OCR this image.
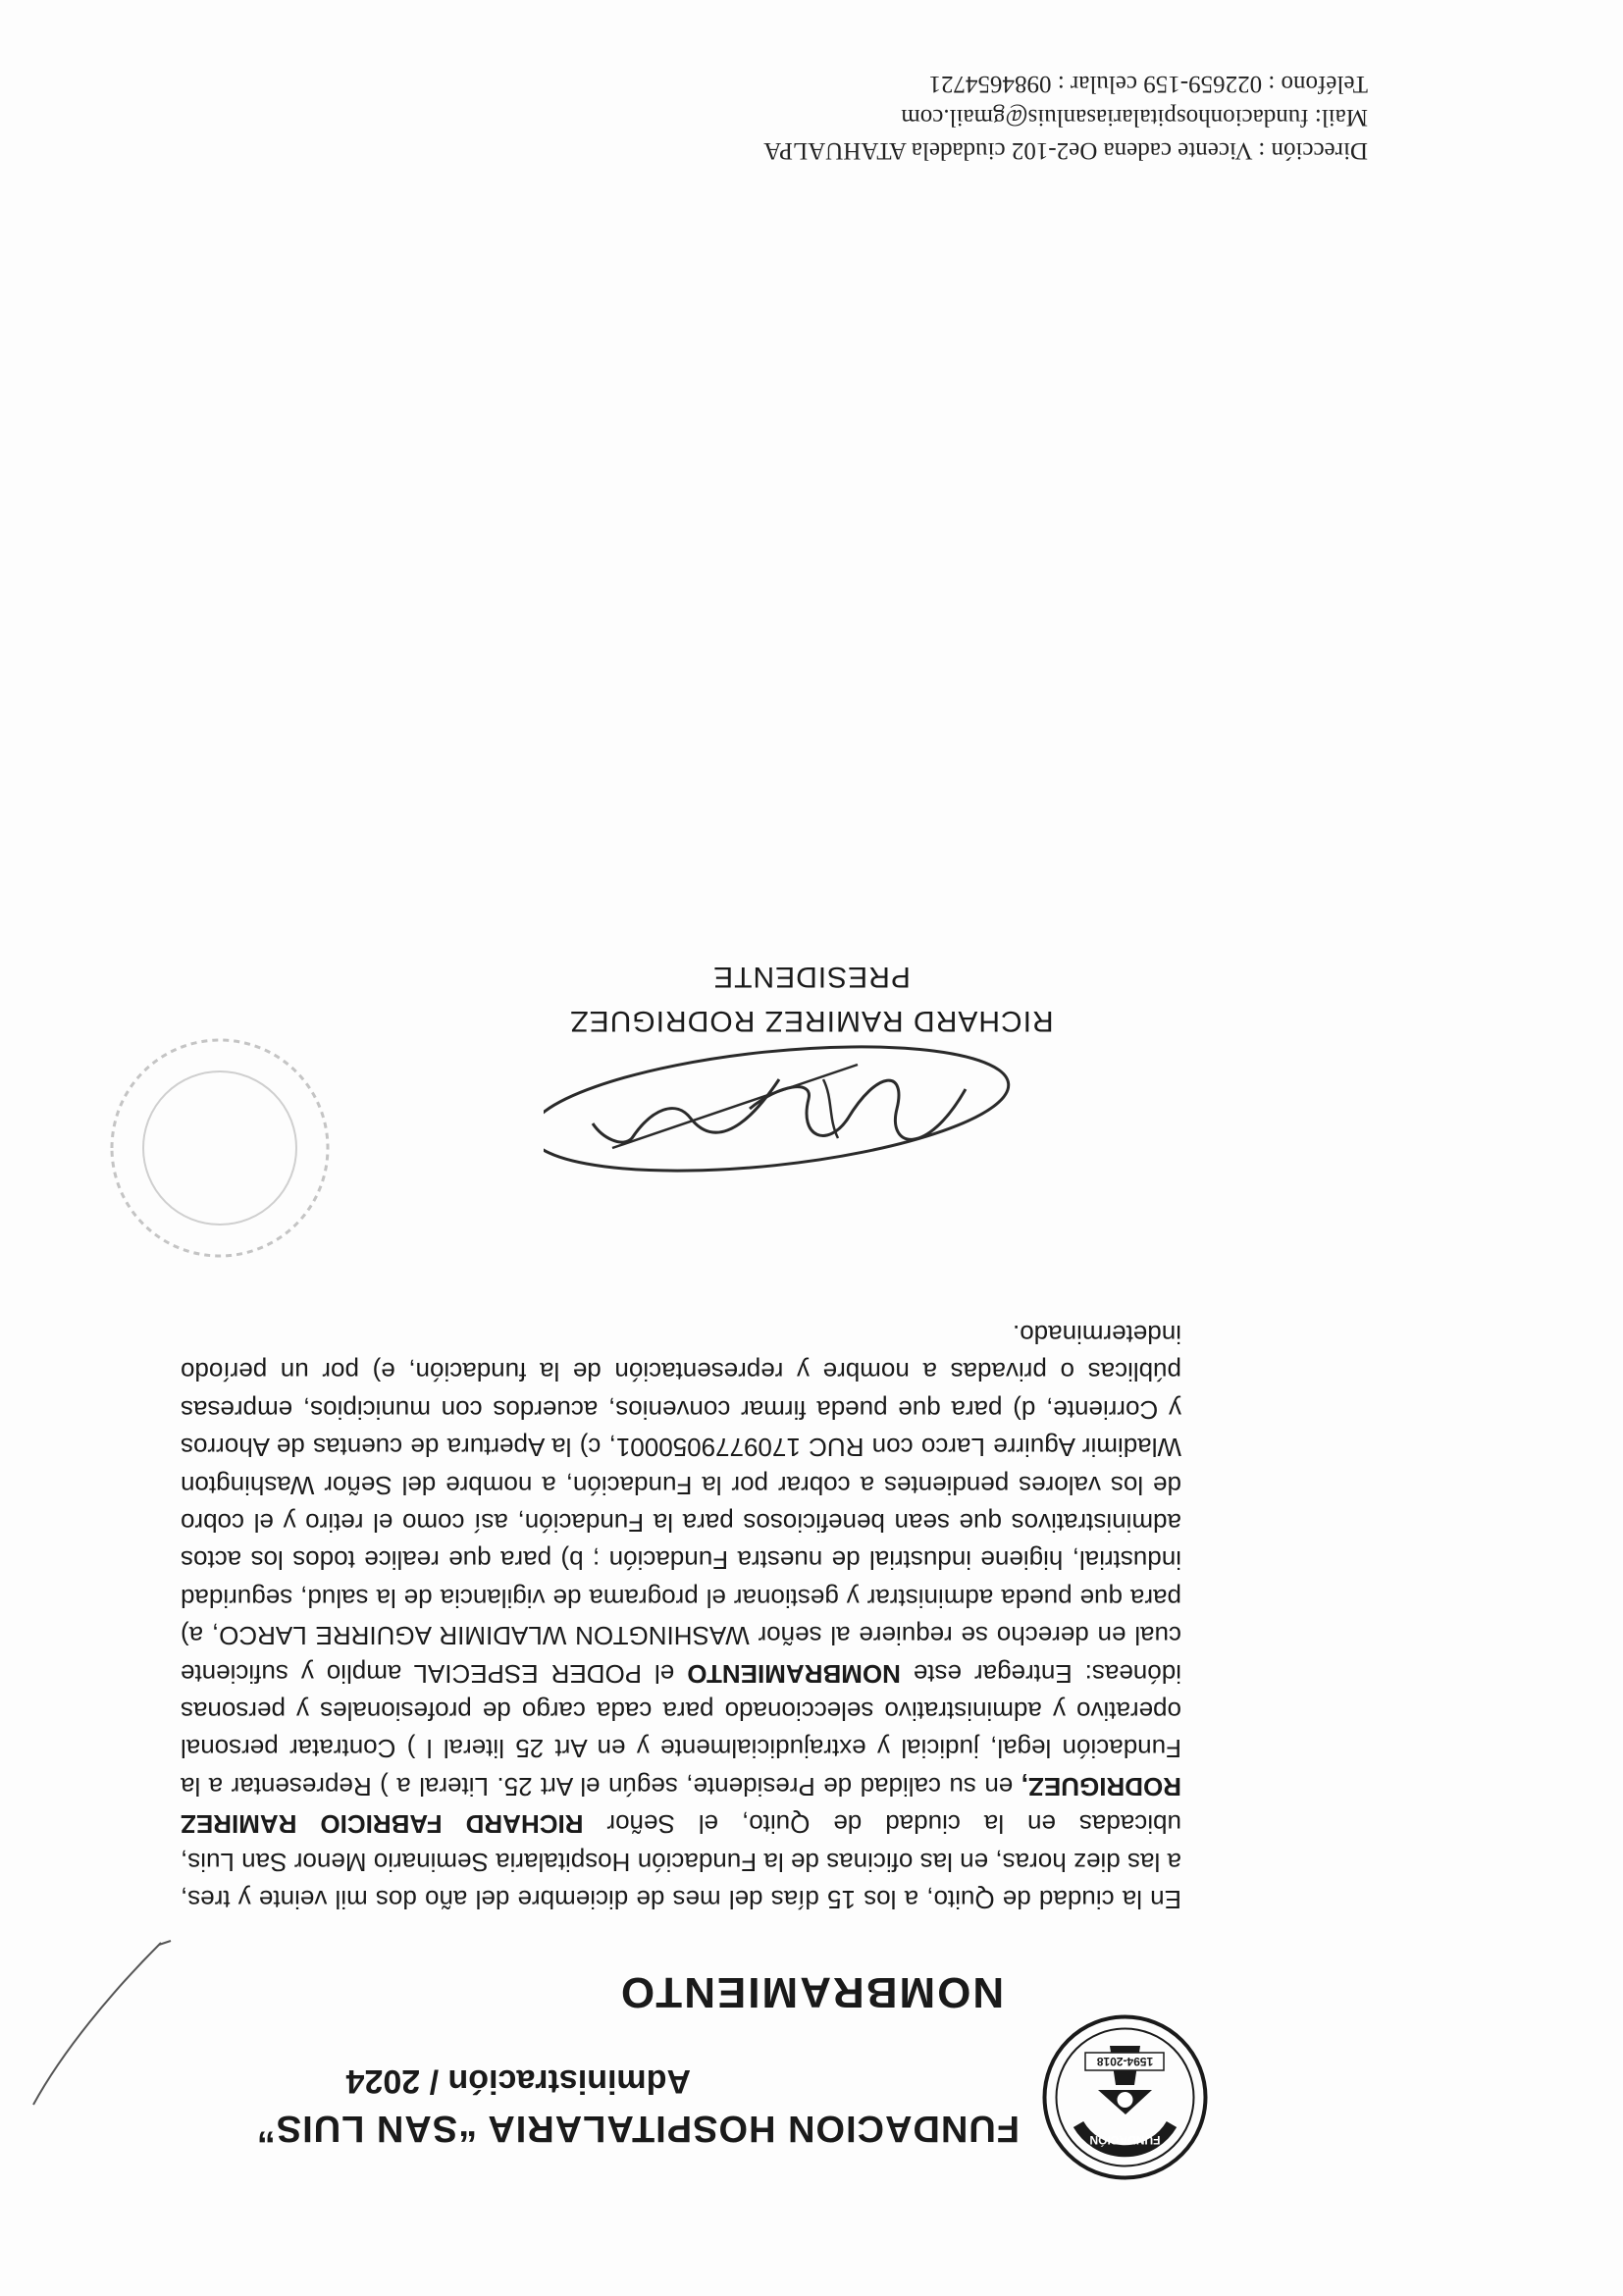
FUNDACIÓN
1594-2018
FUNDACION HOSPITALARIA “SAN LUIS”
Administración / 2024
NOMBRAMIENTO
En la ciudad de Quito, a los 15 días del mes de diciembre del año dos mil veinte y tres, a las diez horas, en las oficinas de la Fundación Hospitalaria Seminario Menor San Luis, ubicadas en la ciudad de Quito, el Señor RICHARD FABRICIO RAMIREZ RODRIGUEZ, en su calidad de Presidente, según el Art 25. Literal a ) Representar a la Fundación legal, judicial y extrajudicialmente y en Art 25 literal l ) Contratar personal operativo y administrativo seleccionado para cada cargo de profesionales y personas idóneas: Entregar este NOMBRAMIENTO el PODER ESPECIAL amplio y suficiente cual en derecho se requiere al señor WASHINGTON WLADIMIR AGUIRRE LARCO, a) para que pueda administrar y gestionar el programa de vigilancia de la salud, seguridad industrial, higiene industrial de nuestra Fundación ; b) para que realice todos los actos administrativos que sean beneficiosos para la Fundación, así como el retiro y el cobro de los valores pendientes a cobrar por la Fundación, a nombre del Señor Washington Wladimir Aguirre Larco con RUC 1709779050001, c) la Apertura de cuentas de Ahorros y Corriente, d) para que pueda firmar convenios, acuerdos con municipios, empresas públicas o privadas a nombre y representación de la fundación, e) por un período indeterminado.
RICHARD RAMIREZ RODRIGUEZ
PRESIDENTE
Dirección : Vicente cadena Oe2-102 ciudadela ATAHUALPA
Mail: fundacionhospitalariasanluis@gmail.com
Teléfono : 022659-159 celular : 0984654721
